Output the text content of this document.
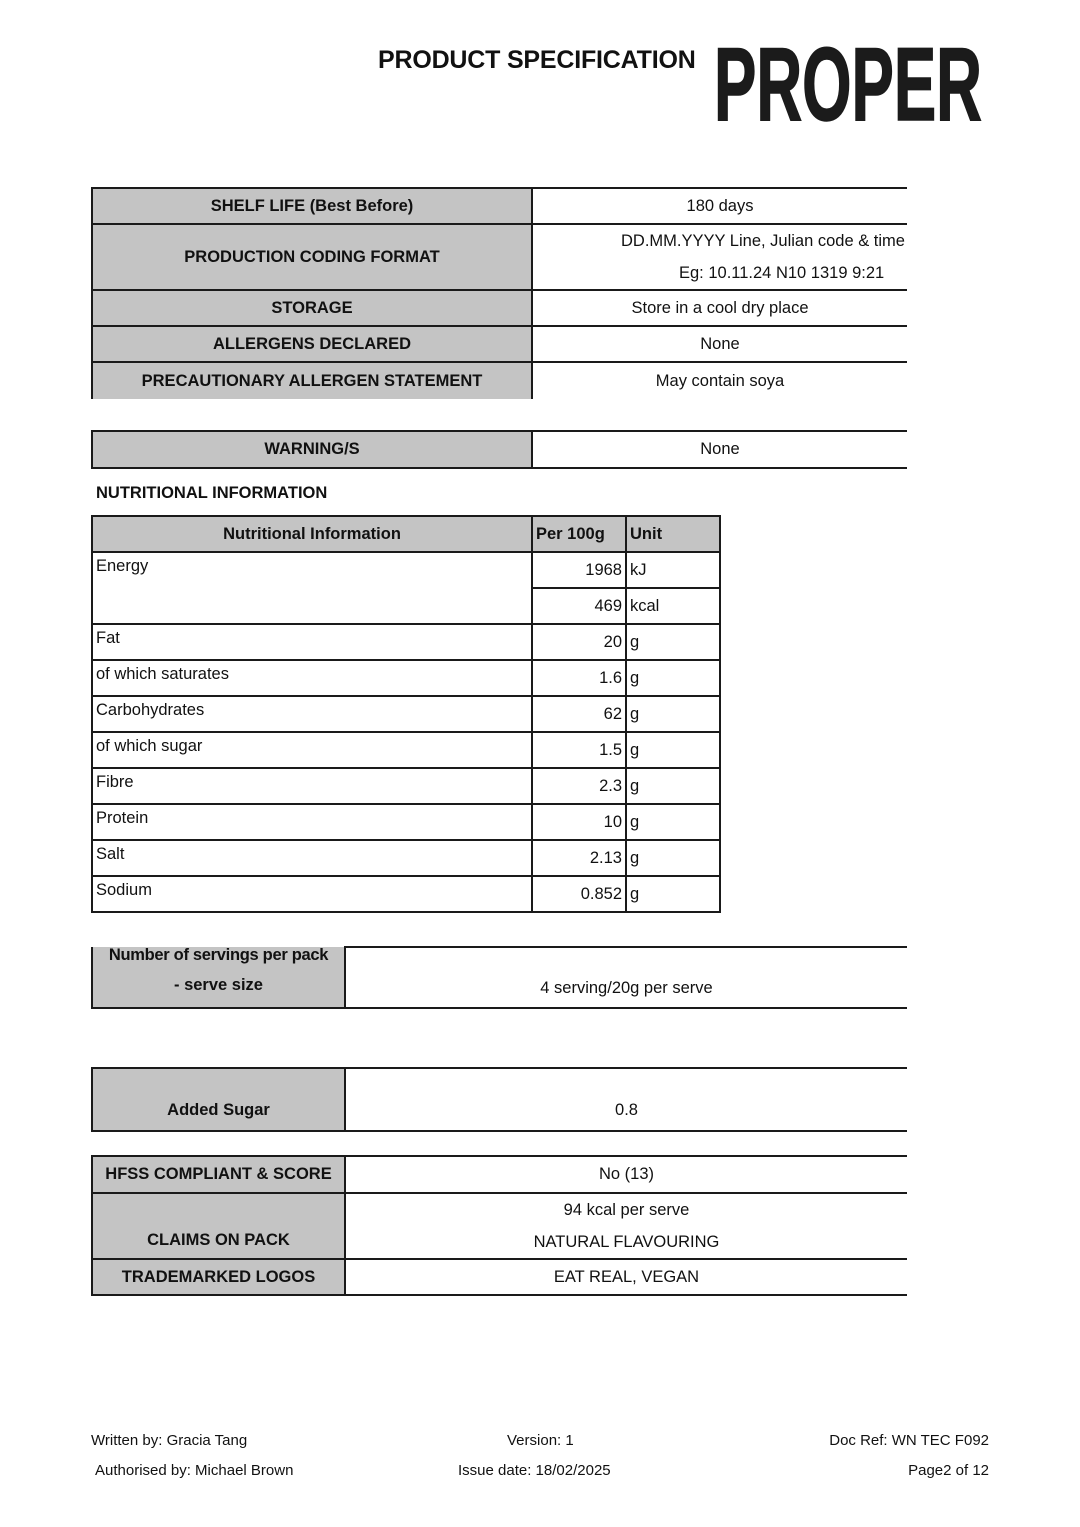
PRODUCT SPECIFICATION PROPER
SHELF LIFE (Best Before)	180 days
PRODUCTION CODING FORMAT	DD.MM.YYYY Line, Julian code & time
Eg: 10.11.24 N10 1319 9:21

STORAGE	Store in a cool dry place
ALLERGENS DECLARED	None
PRECAUTIONARY ALLERGEN STATEMENT	May contain soya
WARNING/S	None
NUTRITIONAL INFORMATION
Nutritional Information	Per 100g	Unit
Energy	1968	kJ
	469	kcal
Fat	20	g
of which saturates	1.6	g
Carbohydrates	62	g
of which sugar	1.5	g
Fibre	2.3	g
Protein	10	g
Salt	2.13	g
Sodium	0.852	g
Number of servings per pack
- serve size	4 serving/20g per serve
Added Sugar	0.8
HFSS COMPLIANT & SCORE	No (13)
CLAIMS ON PACK	94 kcal per serve
NATURAL FLAVOURING

TRADEMARKED LOGOS	EAT REAL, VEGAN
Written by: Gracia Tang
Authorised by: Michael Brown
Version: 1
Issue date: 18/02/2025
Doc Ref: WN TEC F092
Page2 of 12
